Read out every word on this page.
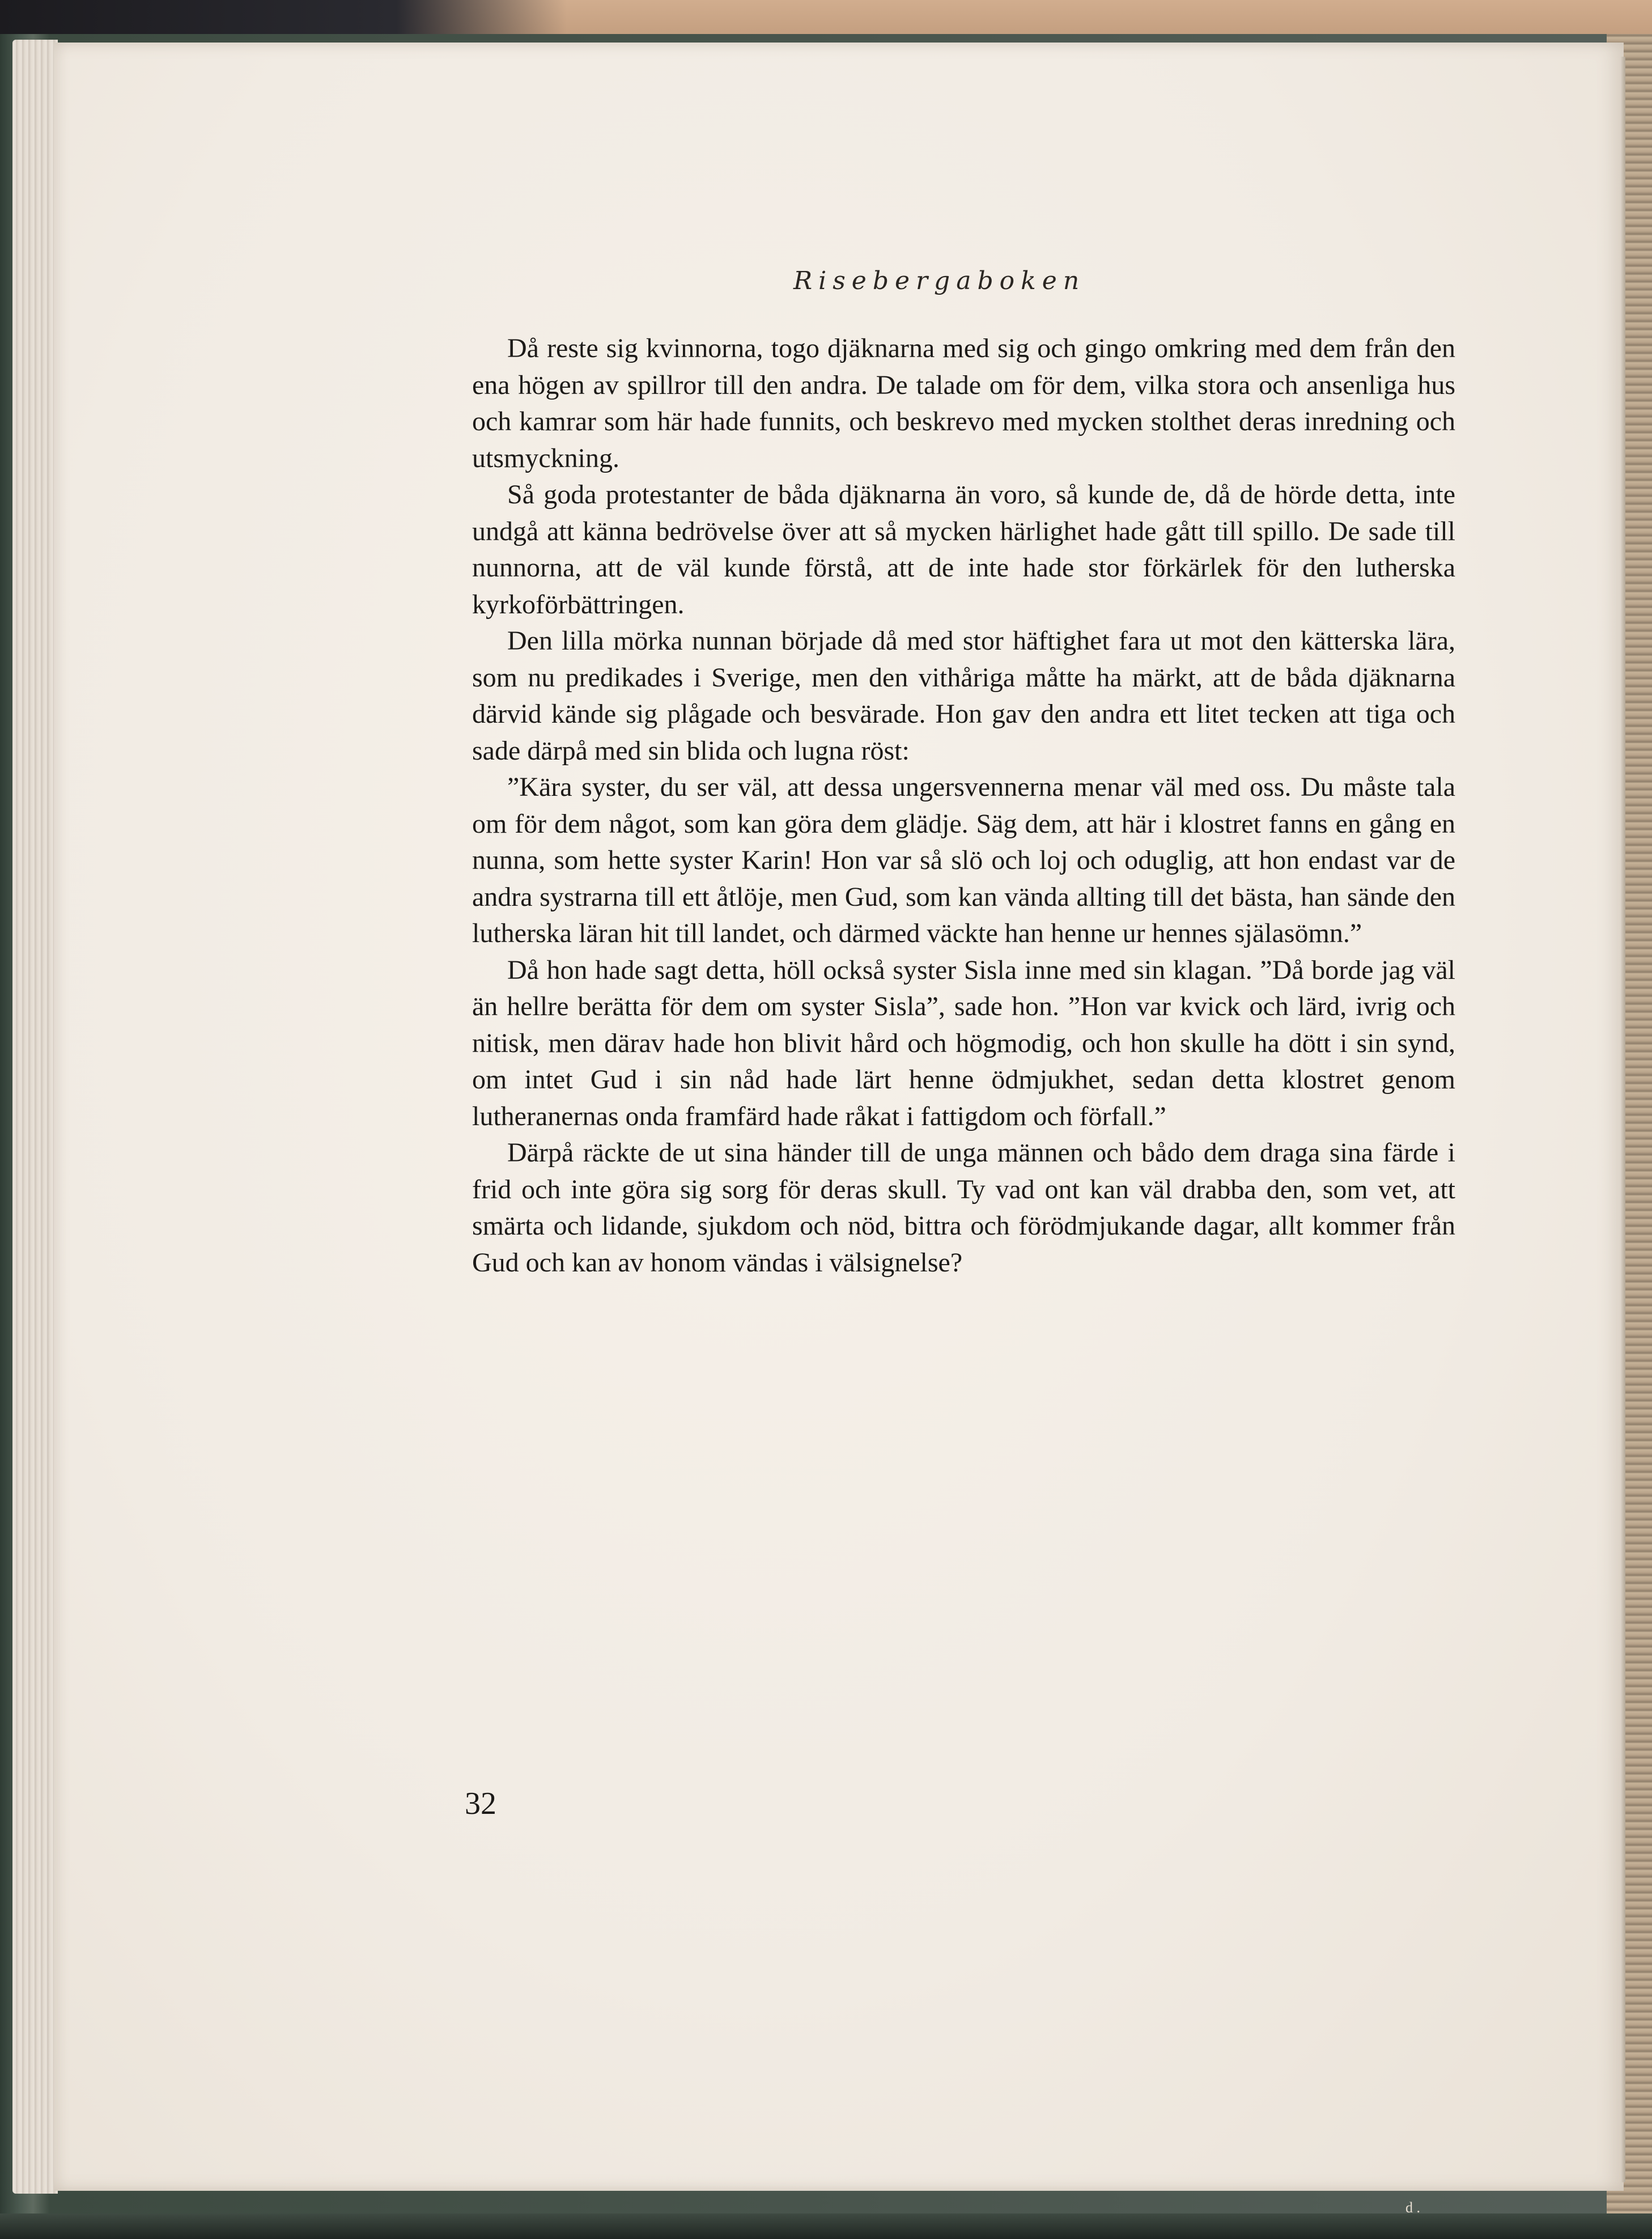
Risebergaboken

Då reste sig kvinnorna, togo djäknarna med sig och gingo omkring med dem från den ena högen av spillror till den andra. De talade om för dem, vilka stora och ansenliga hus och kamrar som här hade funnits, och beskrevo med mycken stolthet deras inredning och utsmyckning.

Så goda protestanter de båda djäknarna än voro, så kunde de, då de hörde detta, inte undgå att känna bedrövelse över att så mycken härlighet hade gått till spillo. De sade till nunnorna, att de väl kunde förstå, att de inte hade stor förkärlek för den lutherska kyrkoförbättringen.

Den lilla mörka nunnan började då med stor häftighet fara ut mot den kätterska lära, som nu predikades i Sverige, men den vithåriga måtte ha märkt, att de båda djäknarna därvid kände sig plågade och besvärade. Hon gav den andra ett litet tecken att tiga och sade därpå med sin blida och lugna röst:

”Kära syster, du ser väl, att dessa ungersvennerna menar väl med oss. Du måste tala om för dem något, som kan göra dem glädje. Säg dem, att här i klostret fanns en gång en nunna, som hette syster Karin! Hon var så slö och loj och oduglig, att hon endast var de andra systrarna till ett åtlöje, men Gud, som kan vända allting till det bästa, han sände den lutherska läran hit till landet, och därmed väckte han henne ur hennes själasömn.”

Då hon hade sagt detta, höll också syster Sisla inne med sin klagan. ”Då borde jag väl än hellre berätta för dem om syster Sisla”, sade hon. ”Hon var kvick och lärd, ivrig och nitisk, men därav hade hon blivit hård och högmodig, och hon skulle ha dött i sin synd, om intet Gud i sin nåd hade lärt henne ödmjukhet, sedan detta klostret genom lutheranernas onda framfärd hade råkat i fattigdom och förfall.”

Därpå räckte de ut sina händer till de unga männen och bådo dem draga sina färde i frid och inte göra sig sorg för deras skull. Ty vad ont kan väl drabba den, som vet, att smärta och lidande, sjukdom och nöd, bittra och förödmjukande dagar, allt kommer från Gud och kan av honom vändas i välsignelse?

32
d .
